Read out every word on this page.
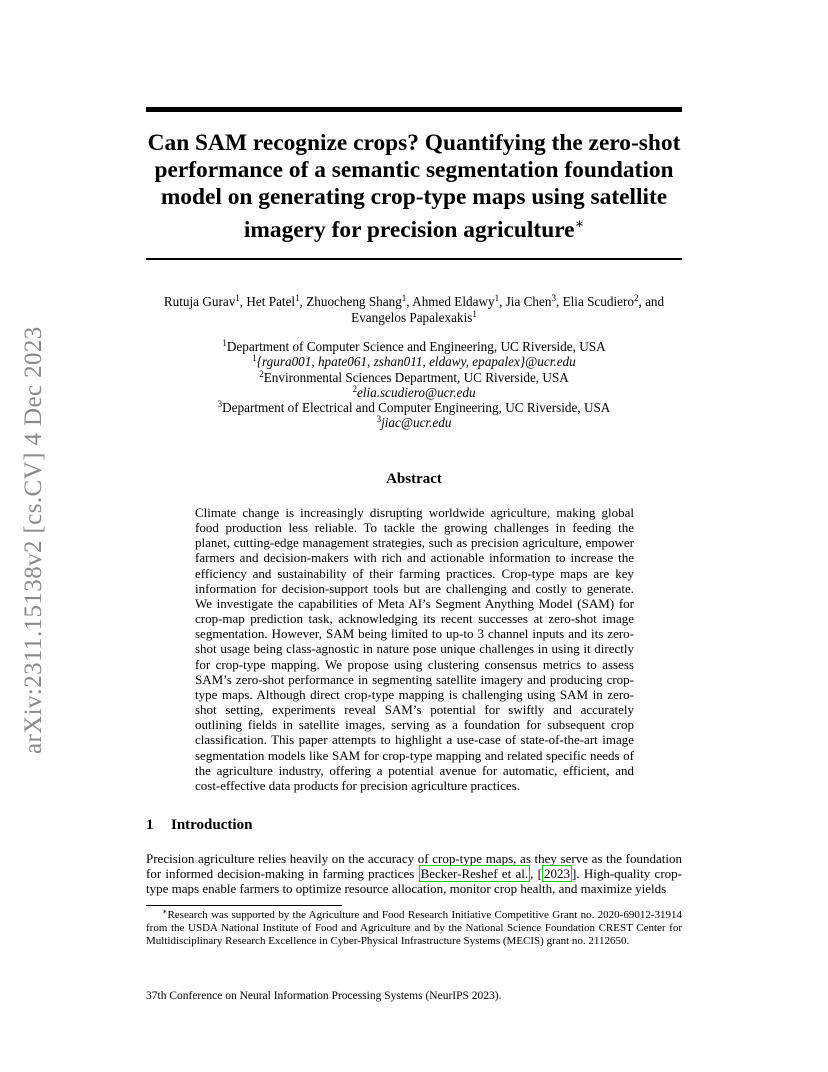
arXiv:2311.15138v2 [cs.CV] 4 Dec 2023
Can SAM recognize crops? Quantifying the zero-shot
performance of a semantic segmentation foundation
model on generating crop-type maps using satellite
imagery for precision agriculture∗
Rutuja Gurav$^1$, Het Patel$^1$, Zhuocheng Shang$^1$, Ahmed Eldawy$^1$, Jia Chen$^3$, Elia Scudiero$^2$, and
Evangelos Papalexakis$^1$
$^1$Department of Computer Science and Engineering, UC Riverside, USA
$^1${rgura001, hpate061, zshan011, eldawy, epapalex}@ucr.edu
$^2$Environmental Sciences Department, UC Riverside, USA
$^2$elia.scudiero@ucr.edu
$^3$Department of Electrical and Computer Engineering, UC Riverside, USA
$^3$jiac@ucr.edu
Abstract
Climate change is increasingly disrupting worldwide agriculture, making global food production less reliable. To tackle the growing challenges in feeding the planet, cutting-edge management strategies, such as precision agriculture, empower farmers and decision-makers with rich and actionable information to increase the efficiency and sustainability of their farming practices. Crop-type maps are key information for decision-support tools but are challenging and costly to generate. We investigate the capabilities of Meta AI’s Segment Anything Model (SAM) for crop-map prediction task, acknowledging its recent successes at zero-shot image segmentation. However, SAM being limited to up-to 3 channel inputs and its zero-shot usage being class-agnostic in nature pose unique challenges in using it directly for crop-type mapping. We propose using clustering consensus metrics to assess SAM’s zero-shot performance in segmenting satellite imagery and producing crop-type maps. Although direct crop-type mapping is challenging using SAM in zero-shot setting, experiments reveal SAM’s potential for swiftly and accurately outlining fields in satellite images, serving as a foundation for subsequent crop classification. This paper attempts to highlight a use-case of state-of-the-art image segmentation models like SAM for crop-type mapping and related specific needs of the agriculture industry, offering a potential avenue for automatic, efficient, and cost-effective data products for precision agriculture practices.
1 Introduction
Precision agriculture relies heavily on the accuracy of crop-type maps, as they serve as the foundation for informed decision-making in farming practices Becker-Reshef et al. , [ 2023 ]. High-quality crop-type maps enable farmers to optimize resource allocation, monitor crop health, and maximize yields
∗Research was supported by the Agriculture and Food Research Initiative Competitive Grant no. 2020-69012-31914 from the USDA National Institute of Food and Agriculture and by the National Science Foundation CREST Center for Multidisciplinary Research Excellence in Cyber-Physical Infrastructure Systems (MECIS) grant no. 2112650.
37th Conference on Neural Information Processing Systems (NeurIPS 2023).
